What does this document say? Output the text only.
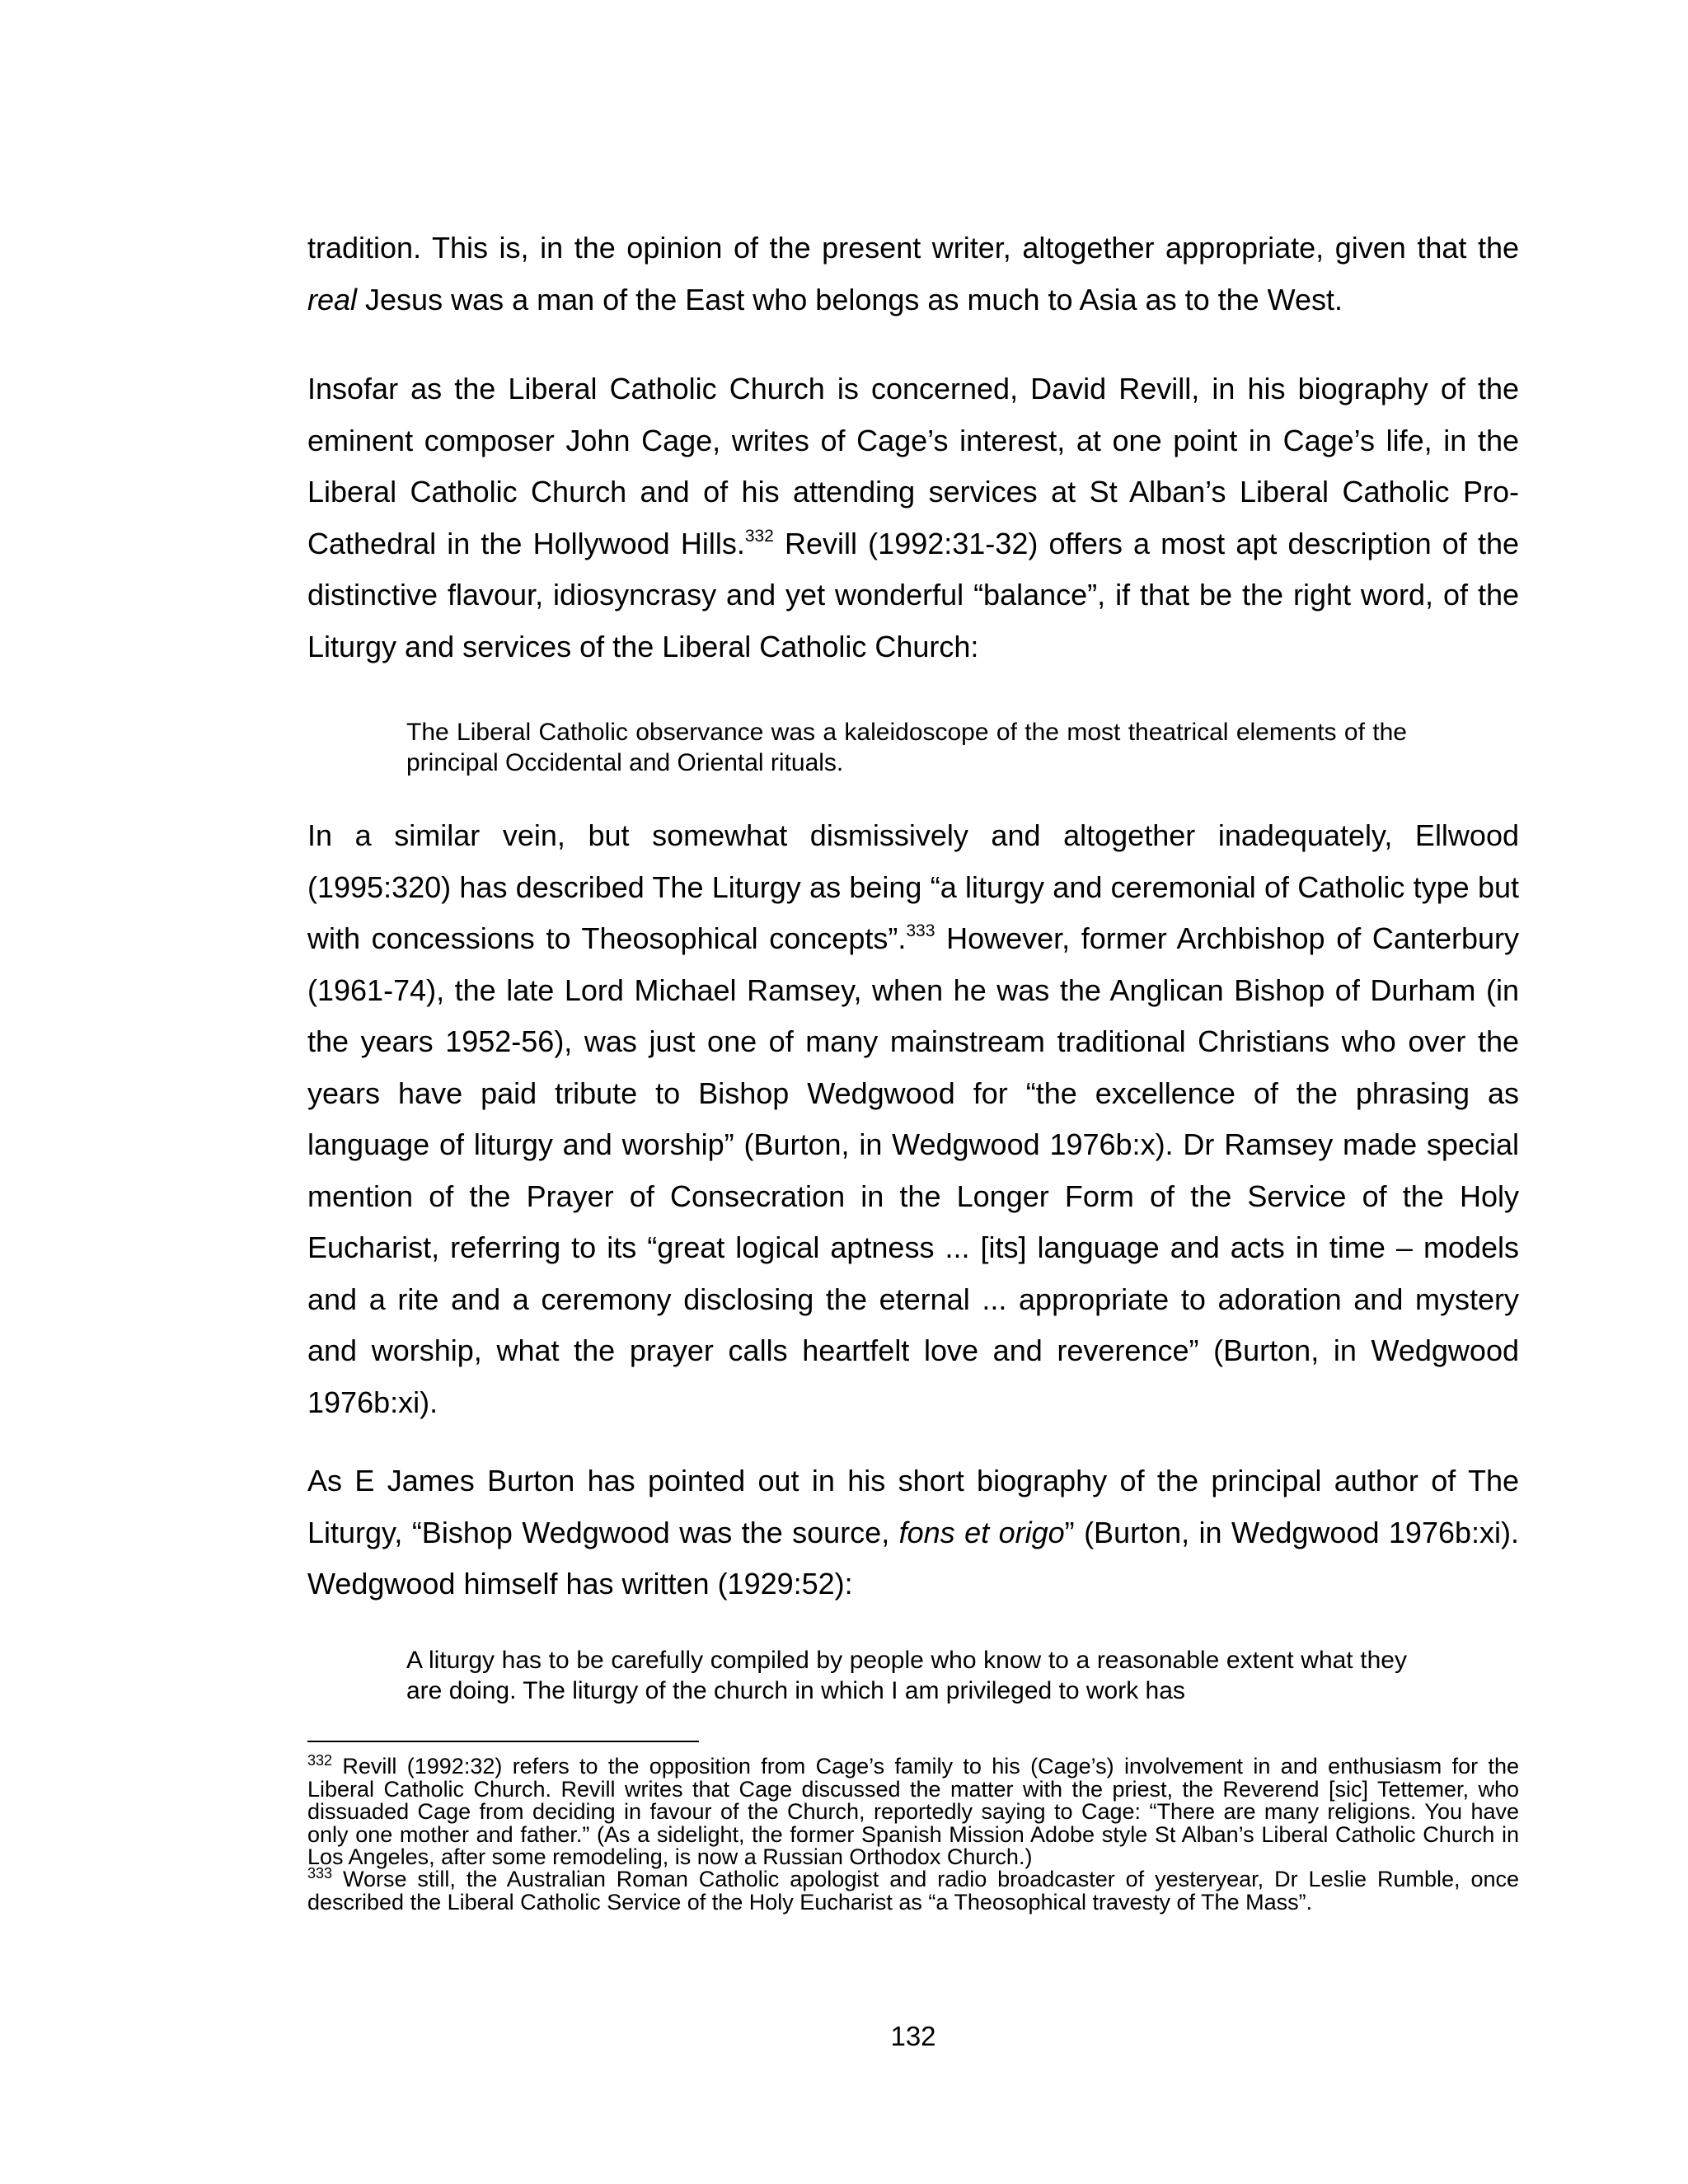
tradition. This is, in the opinion of the present writer, altogether appropriate, given that the real Jesus was a man of the East who belongs as much to Asia as to the West.

Insofar as the Liberal Catholic Church is concerned, David Revill, in his biography of the eminent composer John Cage, writes of Cage’s interest, at one point in Cage’s life, in the Liberal Catholic Church and of his attending services at St Alban’s Liberal Catholic Pro-Cathedral in the Hollywood Hills.$^{332}$ Revill (1992:31-32) offers a most apt description of the distinctive flavour, idiosyncrasy and yet wonderful “balance”, if that be the right word, of the Liturgy and services of the Liberal Catholic Church:

The Liberal Catholic observance was a kaleidoscope of the most theatrical elements of the principal Occidental and Oriental rituals.

In a similar vein, but somewhat dismissively and altogether inadequately, Ellwood (1995:320) has described The Liturgy as being “a liturgy and ceremonial of Catholic type but with concessions to Theosophical concepts”.$^{333}$ However, former Archbishop of Canterbury (1961-74), the late Lord Michael Ramsey, when he was the Anglican Bishop of Durham (in the years 1952-56), was just one of many mainstream traditional Christians who over the years have paid tribute to Bishop Wedgwood for “the excellence of the phrasing as language of liturgy and worship” (Burton, in Wedgwood 1976b:x). Dr Ramsey made special mention of the Prayer of Consecration in the Longer Form of the Service of the Holy Eucharist, referring to its “great logical aptness ... [its] language and acts in time – models and a rite and a ceremony disclosing the eternal ... appropriate to adoration and mystery and worship, what the prayer calls heartfelt love and reverence” (Burton, in Wedgwood 1976b:xi).

As E James Burton has pointed out in his short biography of the principal author of The Liturgy, “Bishop Wedgwood was the source, fons et origo” (Burton, in Wedgwood 1976b:xi). Wedgwood himself has written (1929:52):

A liturgy has to be carefully compiled by people who know to a reasonable extent what they are doing. The liturgy of the church in which I am privileged to work has

$^{332}$ Revill (1992:32) refers to the opposition from Cage’s family to his (Cage’s) involvement in and enthusiasm for the Liberal Catholic Church. Revill writes that Cage discussed the matter with the priest, the Reverend [sic] Tettemer, who dissuaded Cage from deciding in favour of the Church, reportedly saying to Cage: “There are many religions. You have only one mother and father.” (As a sidelight, the former Spanish Mission Adobe style St Alban’s Liberal Catholic Church in Los Angeles, after some remodeling, is now a Russian Orthodox Church.)

$^{333}$ Worse still, the Australian Roman Catholic apologist and radio broadcaster of yesteryear, Dr Leslie Rumble, once described the Liberal Catholic Service of the Holy Eucharist as “a Theosophical travesty of The Mass”.

132
